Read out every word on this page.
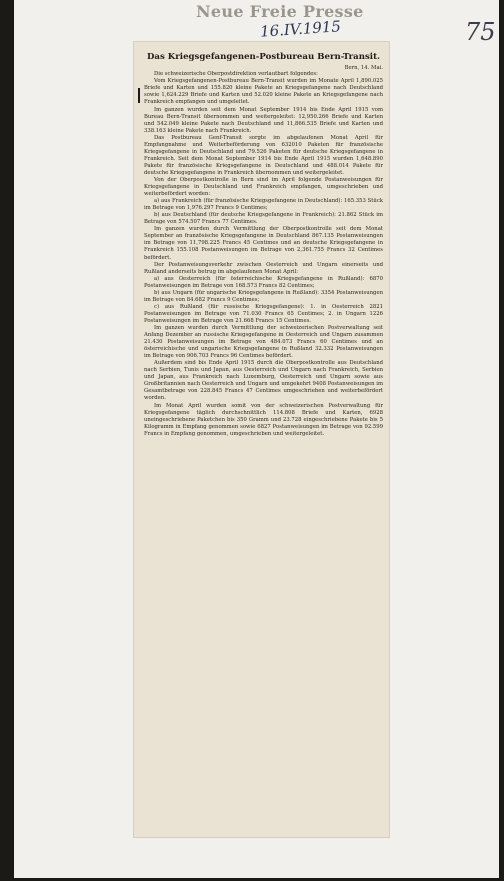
Neue Freie Presse
16.IV.1915	75
Das Kriegsgefangenen-Postbureau Bern-Transit.
Bern, 14. Mai.

Die schweizerische Oberpostdirektion verlautbart folgendes:

Vom Kriegsgefangenen-Postbureau Bern-Transit wurden im Monate April 1,890.025 Briefe und Karten und 155.820 kleine Pakete an Kriegsgefangene nach Deutschland sowie 1,624.229 Briefe und Karten und 52.020 kleine Pakete an Kriegsgefangene nach Frankreich empfangen und umgeleitet.

Im ganzen wurden seit dem Monat September 1914 bis Ende April 1915 vom Bureau Bern-Transit übernommen und weitergeleitet: 12,950.266 Briefe und Karten und 542.049 kleine Pakete nach Deutschland und 11,866.535 Briefe und Karten und 338.163 kleine Pakete nach Frankreich.

Das Postbureau Genf-Transit sorgte im abgelaufenen Monat April für Empfangnahme und Weiterbeförderung von 632010 Paketen für französische Kriegsgefangene in Deutschland und 79.526 Paketen für deutsche Kriegsgefangene in Frankreich. Seit dem Monat September 1914 bis Ende April 1915 wurden 1,648.890 Pakete für französische Kriegsgefangene in Deutschland und 488.014 Pakete für deutsche Kriegsgefangene in Frankreich übernommen und weitergeleitet.

Von der Oberpostkontrolle in Bern sind im April folgende Postanweisungen für Kriegsgefangene in Deutschland und Frankreich empfangen, umgeschrieben und weiterbefördert worden:

a) aus Frankreich (für französische Kriegsgefangene in Deutschland): 165.353 Stück im Betrage von 1,976.297 Francs 9 Centimes;

b) aus Deutschland (für deutsche Kriegsgefangene in Frankreich): 21.862 Stück im Betrage von 574.507 Francs 77 Centimes.

Im ganzen wurden durch Vermittlung der Oberpostkontrolle seit dem Monat September an französische Kriegsgefangene in Deutschland 867.135 Postanweisungen im Betrage von 11,798.225 Francs 45 Centimes und an deutsche Kriegsgefangene in Frankreich 155.108 Postanweisungen im Betrage von 2,361.755 Francs 32 Centimes befördert.

Der Postanweisungsverkehr zwischen Oesterreich und Ungarn einerseits und Rußland anderseits betrug im abgelaufenen Monat April:

a) aus Oesterreich (für österreichische Kriegsgefangene in Rußland): 6870 Postanweisungen im Betrage von 168.573 Francs 82 Centimes;

b) aus Ungarn (für ungarische Kriegsgefangene in Rußland): 3354 Postanweisungen im Betrage von 84.682 Francs 9 Centimes;

c) aus Rußland (für russische Kriegsgefangene): 1. in Oesterreich 2821 Postanweisungen im Betrage von 71.030 Francs 65 Centimes; 2. in Ungarn 1226 Postanweisungen im Betrage von 21.668 Francs 15 Centimes.

Im ganzen wurden durch Vermittlung der schweizerischen Postverwaltung seit Anfang Dezember an russische Kriegsgefangene in Oesterreich und Ungarn zusammen 21.430 Postanweisungen im Betrage von 484.073 Francs 60 Centimes und an österreichische und ungarische Kriegsgefangene in Rußland 32.332 Postanweisungen im Betrage von 906.703 Francs 96 Centimes befördert.

Außerdem sind bis Ende April 1915 durch die Oberpostkontrolle aus Deutschland nach Serbien, Tunis und Japan, aus Oesterreich und Ungarn nach Frankreich, Serbien und Japan, aus Frankreich nach Luxemburg, Oesterreich und Ungarn sowie aus Großbritannien nach Oesterreich und Ungarn und umgekehrt 9408 Postanweisungen im Gesamtbetrage von 228.845 Francs 47 Centimes umgeschrieben und weiterbefördert worden.

Im Monat April wurden somit von der schweizerischen Postverwaltung für Kriegsgefangene täglich durchschnittlich 114.808 Briefe und Karten, 6928 uneingeschriebene Paketchen bis 350 Gramm und 23.728 eingeschriebene Pakete bis 5 Kilogramm in Empfang genommen sowie 6827 Postanweisungen im Betrage von 92.599 Francs in Empfang genommen, umgeschrieben und weitergeleitet.
